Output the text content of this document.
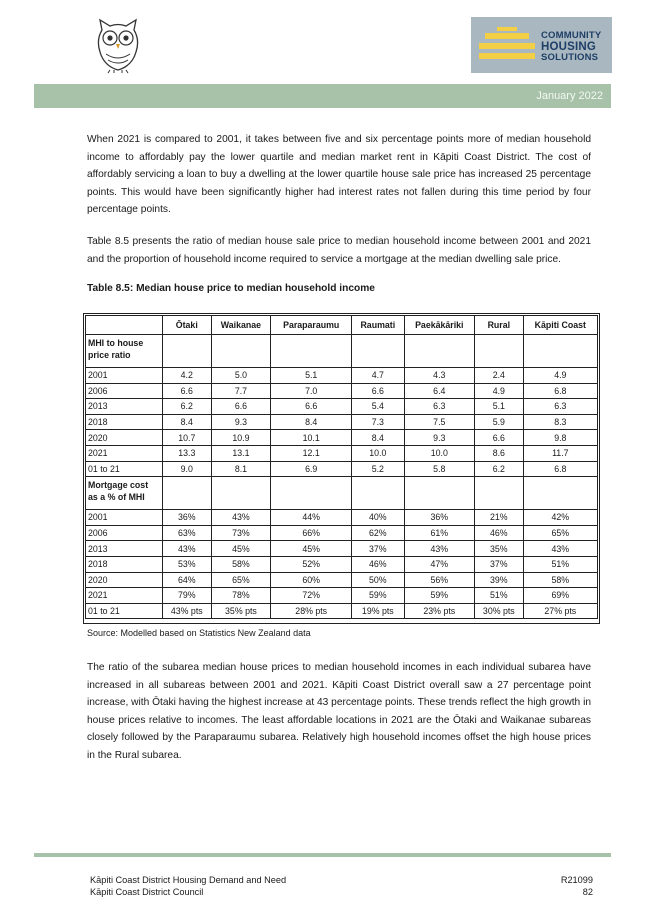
COMMUNITY
HOUSING
SOLUTIONS
January 2022

When 2021 is compared to 2001, it takes between five and six percentage points more of median household income to affordably pay the lower quartile and median market rent in Kāpiti Coast District. The cost of affordably servicing a loan to buy a dwelling at the lower quartile house sale price has increased 25 percentage points. This would have been significantly higher had interest rates not fallen during this time period by four percentage points.

Table 8.5 presents the ratio of median house sale price to median household income between 2001 and 2021 and the proportion of household income required to service a mortgage at the median dwelling sale price.

Table 8.5: Median house price to median household income
	Ōtaki	Waikanae	Paraparaumu	Raumati	Paekākāriki	Rural	Kāpiti Coast
MHI to house price ratio							
2001	4.2	5.0	5.1	4.7	4.3	2.4	4.9
2006	6.6	7.7	7.0	6.6	6.4	4.9	6.8
2013	6.2	6.6	6.6	5.4	6.3	5.1	6.3
2018	8.4	9.3	8.4	7.3	7.5	5.9	8.3
2020	10.7	10.9	10.1	8.4	9.3	6.6	9.8
2021	13.3	13.1	12.1	10.0	10.0	8.6	11.7
01 to 21	9.0	8.1	6.9	5.2	5.8	6.2	6.8
Mortgage cost as a % of MHI							
2001	36%	43%	44%	40%	36%	21%	42%
2006	63%	73%	66%	62%	61%	46%	65%
2013	43%	45%	45%	37%	43%	35%	43%
2018	53%	58%	52%	46%	47%	37%	51%
2020	64%	65%	60%	50%	56%	39%	58%
2021	79%	78%	72%	59%	59%	51%	69%
01 to 21	43% pts	35% pts	28% pts	19% pts	23% pts	30% pts	27% pts
Source: Modelled based on Statistics New Zealand data

The ratio of the subarea median house prices to median household incomes in each individual subarea have increased in all subareas between 2001 and 2021. Kāpiti Coast District overall saw a 27 percentage point increase, with Ōtaki having the highest increase at 43 percentage points. These trends reflect the high growth in house prices relative to incomes. The least affordable locations in 2021 are the Ōtaki and Waikanae subareas closely followed by the Paraparaumu subarea. Relatively high household incomes offset the high house prices in the Rural subarea.

Kāpiti Coast District Housing Demand and Need
Kāpiti Coast District Council
R21099
82
